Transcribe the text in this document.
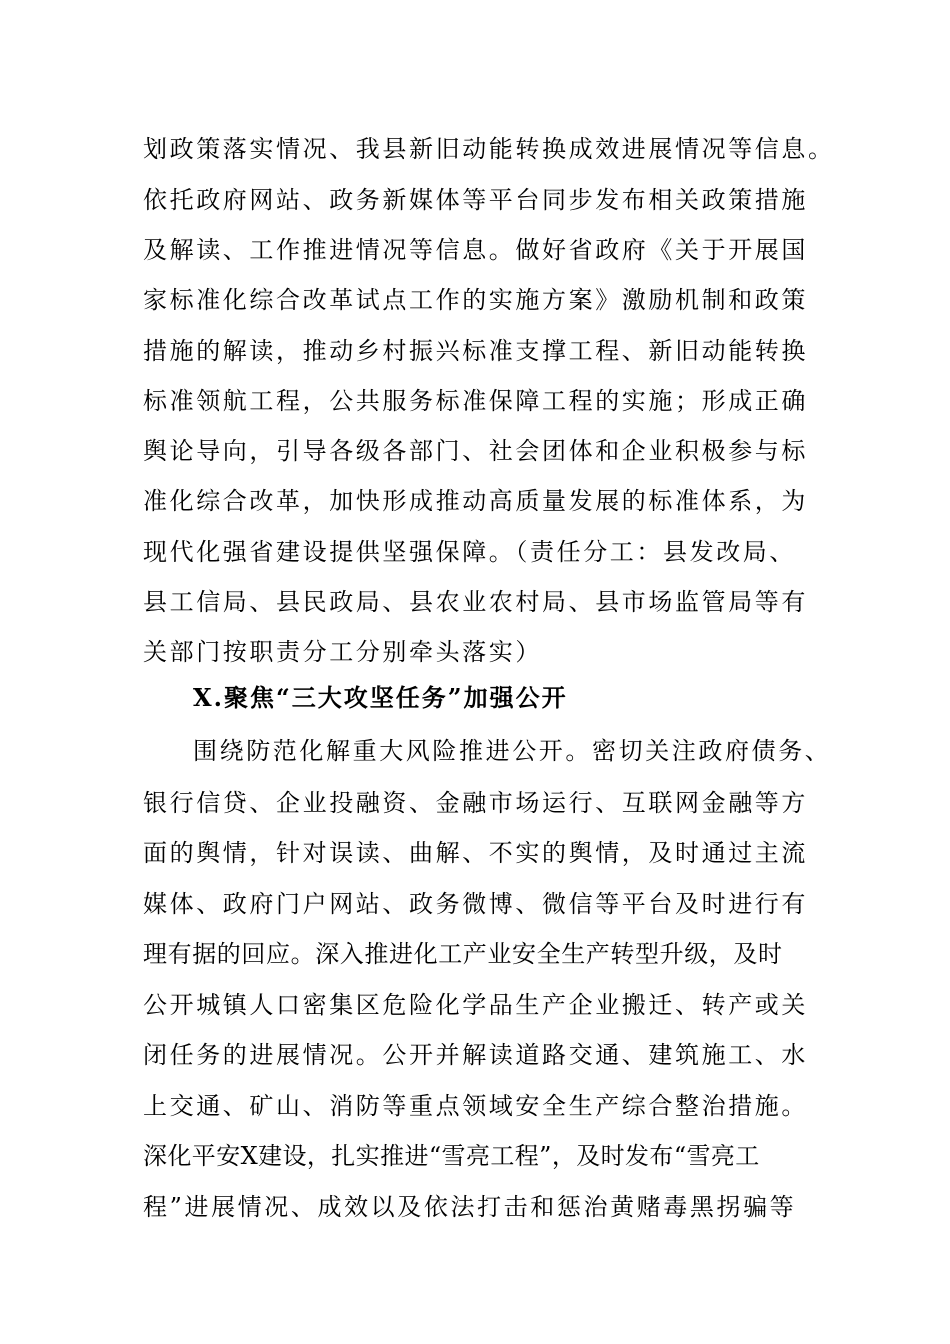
划政策落实情况、我县新旧动能转换成效进展情况等信息。
依托政府网站、政务新媒体等平台同步发布相关政策措施
及解读、工作推进情况等信息。做好省政府《关于开展国
家标准化综合改革试点工作的实施方案》激励机制和政策
措施的解读，推动乡村振兴标准支撑工程、新旧动能转换
标准领航工程，公共服务标准保障工程的实施；形成正确
舆论导向，引导各级各部门、社会团体和企业积极参与标
准化综合改革，加快形成推动高质量发展的标准体系，为
现代化强省建设提供坚强保障。（责任分工：县发改局、
县工信局、县民政局、县农业农村局、县市场监管局等有
关部门按职责分工分别牵头落实）
X.聚焦“三大攻坚任务”加强公开
围绕防范化解重大风险推进公开。密切关注政府债务、
银行信贷、企业投融资、金融市场运行、互联网金融等方
面的舆情，针对误读、曲解、不实的舆情，及时通过主流
媒体、政府门户网站、政务微博、微信等平台及时进行有
理有据的回应。深入推进化工产业安全生产转型升级，及时
公开城镇人口密集区危险化学品生产企业搬迁、转产或关
闭任务的进展情况。公开并解读道路交通、建筑施工、水
上交通、矿山、消防等重点领域安全生产综合整治措施。
深化平安X建设，扎实推进“雪亮工程”，及时发布“雪亮工
程”进展情况、成效以及依法打击和惩治黄赌毒黑拐骗等
